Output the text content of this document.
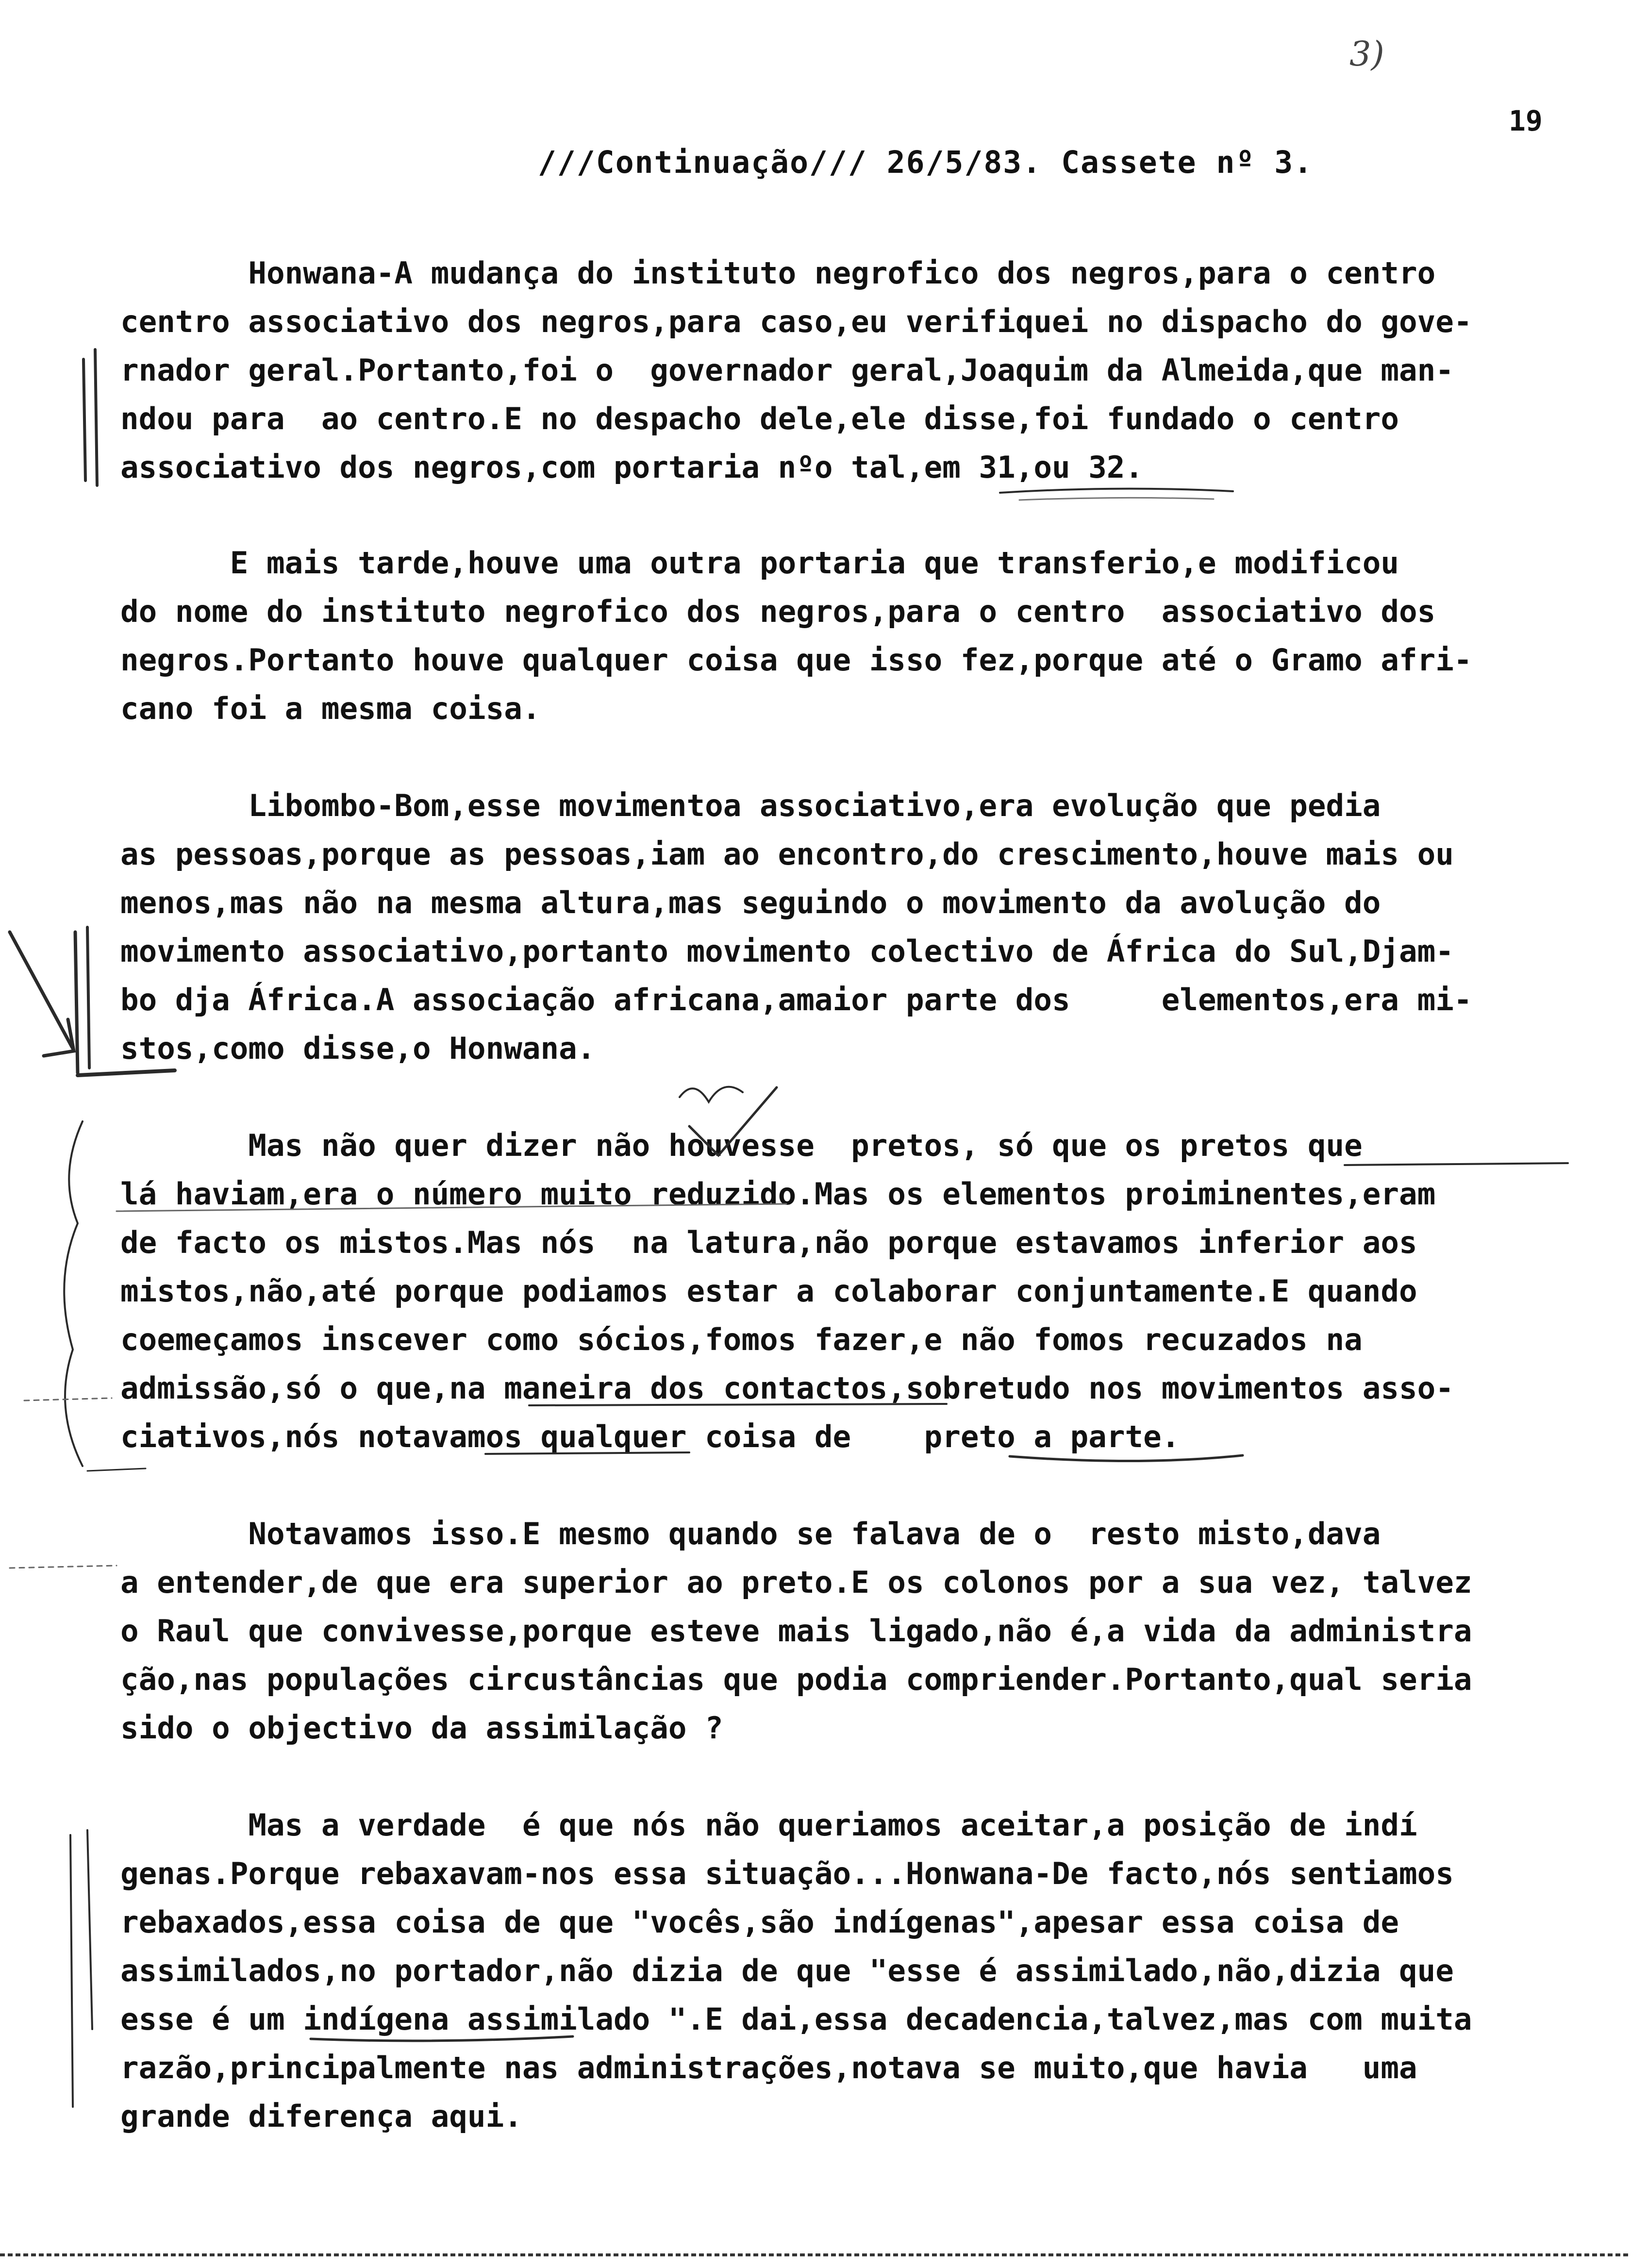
3)
19
///Continuação/// 26/5/83. Cassete nº 3.
Honwana-A mudança do instituto negrofico dos negros,para o centro
centro associativo dos negros,para caso,eu verifiquei no dispacho do gove-
rnador geral.Portanto,foi o  governador geral,Joaquim da Almeida,que man-
ndou para  ao centro.E no despacho dele,ele disse,foi fundado o centro
associativo dos negros,com portaria nºo tal,em 31,ou 32.
E mais tarde,houve uma outra portaria que transferio,e modificou
do nome do instituto negrofico dos negros,para o centro  associativo dos
negros.Portanto houve qualquer coisa que isso fez,porque até o Gramo afri-
cano foi a mesma coisa.
Libombo-Bom,esse movimentoa associativo,era evolução que pedia
as pessoas,porque as pessoas,iam ao encontro,do crescimento,houve mais ou
menos,mas não na mesma altura,mas seguindo o movimento da avolução do
movimento associativo,portanto movimento colectivo de África do Sul,Djam-
bo dja África.A associação africana,amaior parte dos     elementos,era mi-
stos,como disse,o Honwana.
Mas não quer dizer não houvesse  pretos, só que os pretos que
lá haviam,era o número muito reduzido.Mas os elementos proiminentes,eram
de facto os mistos.Mas nós  na latura,não porque estavamos inferior aos
mistos,não,até porque podiamos estar a colaborar conjuntamente.E quando
coemeçamos inscever como sócios,fomos fazer,e não fomos recuzados na
admissão,só o que,na maneira dos contactos,sobretudo nos movimentos asso-
ciativos,nós notavamos qualquer coisa de    preto a parte.
Notavamos isso.E mesmo quando se falava de o  resto misto,dava
a entender,de que era superior ao preto.E os colonos por a sua vez, talvez
o Raul que convivesse,porque esteve mais ligado,não é,a vida da administra
ção,nas populações circustâncias que podia compriender.Portanto,qual seria
sido o objectivo da assimilação ?
Mas a verdade  é que nós não queriamos aceitar,a posição de indí
genas.Porque rebaxavam-nos essa situação...Honwana-De facto,nós sentiamos
rebaxados,essa coisa de que "vocês,são indígenas",apesar essa coisa de
assimilados,no portador,não dizia de que "esse é assimilado,não,dizia que
esse é um indígena assimilado ".E dai,essa decadencia,talvez,mas com muita
razão,principalmente nas administrações,notava se muito,que havia   uma
grande diferença aqui.
